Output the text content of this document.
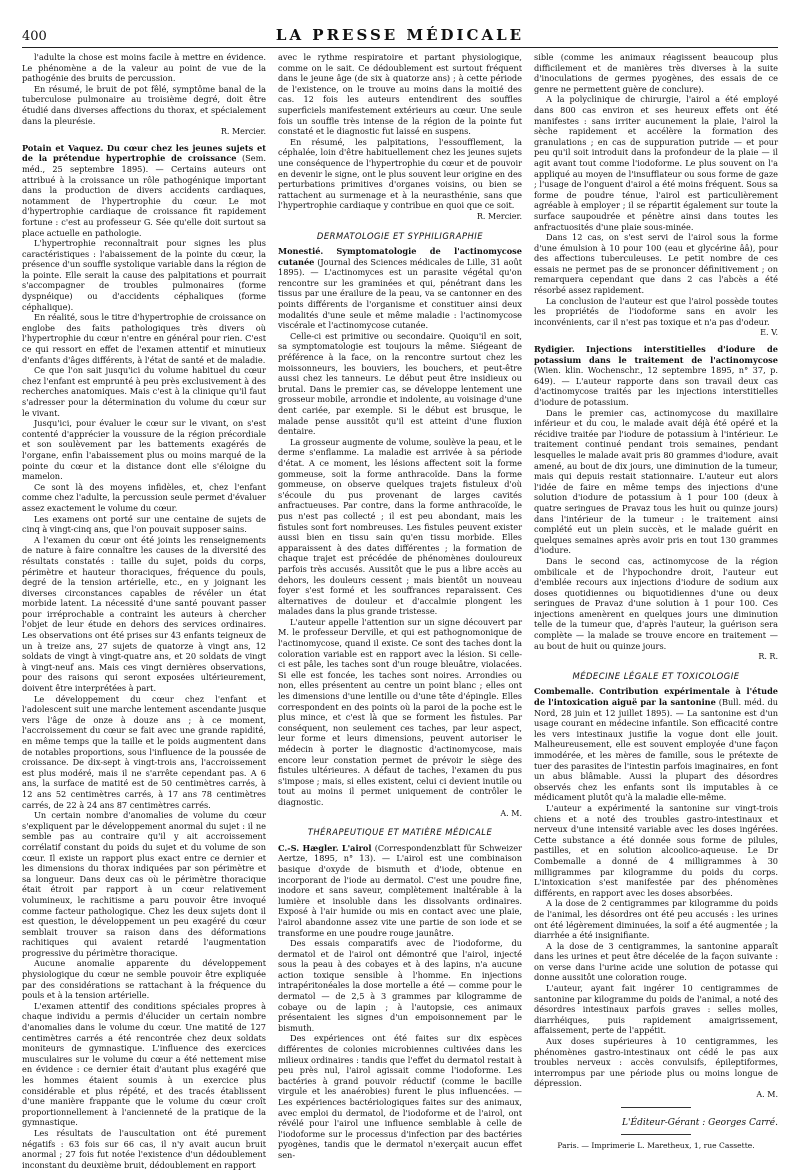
400	LA PRESSE MÉDICALE

l'adulte la chose est moins facile à mettre en évidence. Le phénomène a de la valeur au point de vue de la pathogénie des bruits de percussion.

En résumé, le bruit de pot fêlé, symptôme banal de la tuberculose pulmonaire au troisième degré, doit être étudié dans diverses affections du thorax, et spécialement dans la pleurésie.

R. Mercier.

Potain et Vaquez. Du cœur chez les jeunes sujets et de la prétendue hypertrophie de croissance (Sem. méd., 25 septembre 1895). — Certains auteurs ont attribué à la croissance un rôle pathogénique important dans la production de divers accidents cardiaques, notamment de l'hypertrophie du cœur. Le mot d'hypertrophie cardiaque de croissance fit rapidement fortune : c'est au professeur G. Sée qu'elle doit surtout sa place actuelle en pathologie.

L'hypertrophie reconnaîtrait pour signes les plus caractéristiques : l'abaissement de la pointe du cœur, la présence d'un souffle systolique variable dans la région de la pointe. Elle serait la cause des palpitations et pourrait s'accompagner de troubles pulmonaires (forme dyspnéique) ou d'accidents céphaliques (forme céphalique).

En réalité, sous le titre d'hypertrophie de croissance on englobe des faits pathologiques très divers où l'hypertrophie du cœur n'entre en général pour rien. C'est ce qui ressort en effet de l'examen attentif et minutieux d'enfants d'âges différents, à l'état de santé et de maladie.

Ce que l'on sait jusqu'ici du volume habituel du cœur chez l'enfant est emprunté à peu près exclusivement à des recherches anatomiques. Mais c'est à la clinique qu'il faut s'adresser pour la détermination du volume du cœur sur le vivant.

Jusqu'ici, pour évaluer le cœur sur le vivant, on s'est contenté d'apprécier la voussure de la région précordiale et son soulèvement par les battements exagérés de l'organe, enfin l'abaissement plus ou moins marqué de la pointe du cœur et la distance dont elle s'éloigne du mamelon.

Ce sont là des moyens infidèles, et, chez l'enfant comme chez l'adulte, la percussion seule permet d'évaluer assez exactement le volume du cœur.

Les examens ont porté sur une centaine de sujets de cinq à vingt-cinq ans, que l'on pouvait supposer sains.

A l'examen du cœur ont été joints les renseignements de nature à faire connaître les causes de la diversité des résultats constatés : taille du sujet, poids du corps, périmètre et hauteur thoraciques, fréquence du pouls, degré de la tension artérielle, etc., en y joignant les diverses circonstances capables de révéler un état morbide latent. La nécessité d'une santé pouvant passer pour irréprochable a contraint les auteurs à chercher l'objet de leur étude en dehors des services ordinaires. Les observations ont été prises sur 43 enfants teigneux de un à treize ans, 27 sujets de quatorze à vingt ans, 12 soldats de vingt à vingt-quatre ans, et 20 soldats de vingt à vingt-neuf ans. Mais ces vingt dernières observations, pour des raisons qui seront exposées ultérieurement, doivent être interprétées à part.

Le développement du cœur chez l'enfant et l'adolescent suit une marche lentement ascendante jusque vers l'âge de onze à douze ans ; à ce moment, l'accroissement du cœur se fait avec une grande rapidité, en même temps que la taille et le poids augmentent dans de notables proportions, sous l'influence de la poussée de croissance. De dix-sept à vingt-trois ans, l'accroissement est plus modéré, mais il ne s'arrête cependant pas. A 6 ans, la surface de matité est de 50 centimètres carrés, à 12 ans 52 centimètres carrés, à 17 ans 78 centimètres carrés, de 22 à 24 ans 87 centimètres carrés.

Un certain nombre d'anomalies de volume du cœur s'expliquent par le développement anormal du sujet : il ne semble pas au contraire qu'il y ait accroissement corrélatif constant du poids du sujet et du volume de son cœur. Il existe un rapport plus exact entre ce dernier et les dimensions du thorax indiquées par son périmètre et sa longueur. Dans deux cas où le périmètre thoracique était étroit par rapport à un cœur relativement volumineux, le rachitisme a paru pouvoir être invoqué comme facteur pathologique. Chez les deux sujets dont il est question, le développement un peu exagéré du cœur semblait trouver sa raison dans des déformations rachitiques qui avaient retardé l'augmentation progressive du périmètre thoracique.

Aucune anomalie apparente du développement physiologique du cœur ne semble pouvoir être expliquée par des considérations se rattachant à la fréquence du pouls et à la tension artérielle.

L'examen attentif des conditions spéciales propres à chaque individu a permis d'élucider un certain nombre d'anomalies dans le volume du cœur. Une matité de 127 centimètres carrés a été rencontrée chez deux soldats moniteurs de gymnastique. L'influence des exercices musculaires sur le volume du cœur a été nettement mise en évidence : ce dernier était d'autant plus exagéré que les hommes étaient soumis à un exercice plus considérable et plus répété, et des tracés établissent d'une manière frappante que le volume du cœur croît proportionnellement à l'ancienneté de la pratique de la gymnastique.

Les résultats de l'auscultation ont été purement négatifs : 63 fois sur 66 cas, il n'y avait aucun bruit anormal ; 27 fois fut notée l'existence d'un dédoublement inconstant du deuxième bruit, dédoublement en rapport

avec le rythme respiratoire et partant physiologique, comme on le sait. Ce dédoublement est surtout fréquent dans le jeune âge (de six à quatorze ans) ; à cette période de l'existence, on le trouve au moins dans la moitié des cas. 12 fois les auteurs entendirent des souffles superficiels manifestement extérieurs au cœur. Une seule fois un souffle très intense de la région de la pointe fut constaté et le diagnostic fut laissé en suspens.

En résumé, les palpitations, l'essoufflement, la céphalée, loin d'être habituellement chez les jeunes sujets une conséquence de l'hypertrophie du cœur et de pouvoir en devenir le signe, ont le plus souvent leur origine en des perturbations primitives d'organes voisins, ou bien se rattachent au surmenage et à la neurasthénie, sans que l'hypertrophie cardiaque y contribue en quoi que ce soit.

R. Mercier.
DERMATOLOGIE ET SYPHILIGRAPHIE

Monestié. Symptomatologie de l'actinomycose cutanée (Journal des Sciences médicales de Lille, 31 août 1895). — L'actinomyces est un parasite végétal qu'on rencontre sur les graminées et qui, pénétrant dans les tissus par une érailure de la peau, va se cantonner en des points différents de l'organisme et constituer ainsi deux modalités d'une seule et même maladie : l'actinomycose viscérale et l'actinomycose cutanée.

Celle-ci est primitive ou secondaire. Quoiqu'il en soit, sa symptomatologie est toujours la même. Siégeant de préférence à la face, on la rencontre surtout chez les moissonneurs, les bouviers, les bouchers, et peut-être aussi chez les tanneurs. Le début peut être insidieux ou brutal. Dans le premier cas, se développe lentement une grosseur mobile, arrondie et indolente, au voisinage d'une dent cariée, par exemple. Si le début est brusque, le malade pense aussitôt qu'il est atteint d'une fluxion dentaire.

La grosseur augmente de volume, soulève la peau, et le derme s'enflamme. La maladie est arrivée à sa période d'état. A ce moment, les lésions affectent soit la forme gommeuse, soit la forme anthracoïde. Dans la forme gommeuse, on observe quelques trajets fistuleux d'où s'écoule du pus provenant de larges cavités anfractueuses. Par contre, dans la forme anthracoïde, le pus n'est pas collecté ; il est peu abondant, mais les fistules sont fort nombreuses. Les fistules peuvent exister aussi bien en tissu sain qu'en tissu morbide. Elles apparaissent à des dates différentes ; la formation de chaque trajet est précédée de phénomènes douloureux parfois très accusés. Aussitôt que le pus a libre accès au dehors, les douleurs cessent ; mais bientôt un nouveau foyer s'est formé et les souffrances reparaissent. Ces alternatives de douleur et d'accalmie plongent les malades dans la plus grande tristesse.

L'auteur appelle l'attention sur un signe découvert par M. le professeur Derville, et qui est pathognomonique de l'actinomycose, quand il existe. Ce sont des taches dont la coloration variable est en rapport avec la lésion. Si celle-ci est pâle, les taches sont d'un rouge bleuâtre, violacées. Si elle est foncée, les taches sont noires. Arrondies ou non, elles présentent au centre un point blanc ; elles ont les dimensions d'une lentille ou d'une tête d'épingle. Elles correspondent en des points où la paroi de la poche est le plus mince, et c'est là que se forment les fistules. Par conséquent, non seulement ces taches, par leur aspect, leur forme et leurs dimensions, peuvent autoriser le médecin à porter le diagnostic d'actinomycose, mais encore leur constation permet de prévoir le siège des fistules ultérieures. A défaut de taches, l'examen du pus s'impose ; mais, si elles existent, celui ci devient inutile ou tout au moins il permet uniquement de contrôler le diagnostic.

A. M.
THÉRAPEUTIQUE ET MATIÈRE MÉDICALE

C.-S. Hægler. L'airol (Correspondenzblatt für Schweizer Aertze, 1895, n° 13). — L'airol est une combinaison basique d'oxyde de bismuth et d'iode, obtenue en incorporant de l'iode au dermatol. C'est une poudre fine, inodore et sans saveur, complètement inaltérable à la lumière et insoluble dans les dissolvants ordinaires. Exposé à l'air humide ou mis en contact avec une plaie, l'airol abandonne assez vite une partie de son iode et se transforme en une poudre rouge jaunâtre.

Des essais comparatifs avec de l'iodoforme, du dermatol et de l'airol ont démontré que l'airol, injecté sous la peau à des cobayes et à des lapins, n'a aucune action toxique sensible à l'homme. En injections intrapéritonéales la dose mortelle a été — comme pour le dermatol — de 2,5 à 3 grammes par kilogramme de cobaye ou de lapin ; à l'autopsie, ces animaux présentaient les signes d'un empoisonnement par le bismuth.

Des expériences ont été faites sur dix espèces différentes de colonies microbiennes cultivées dans les milieux ordinaires : tandis que l'effet du dermatol restait à peu près nul, l'airol agissait comme l'iodoforme. Les bactéries à grand pouvoir réductif (comme le bacille virgule et les anaérobies) furent le plus influencées. — Les expériences bactériologiques faites sur des animaux, avec emploi du dermatol, de l'iodoforme et de l'airol, ont révélé pour l'airol une influence semblable à celle de l'iodoforme sur le processus d'infection par des bactéries pyogènes, tandis que le dermatol n'exerçait aucun effet sen-

sible (comme les animaux réagissent beaucoup plus difficilement et de manières très diverses à la suite d'inoculations de germes pyogènes, des essais de ce genre ne permettent guère de conclure).

A la polyclinique de chirurgie, l'airol a été employé dans 800 cas environ et ses heureux effets ont été manifestes : sans irriter aucunement la plaie, l'airol la sèche rapidement et accélère la formation des granulations ; en cas de suppuration putride — et pour peu qu'il soit introduit dans la profondeur de la plaie — il agit avant tout comme l'iodoforme. Le plus souvent on l'a appliqué au moyen de l'insufflateur ou sous forme de gaze ; l'usage de l'onguent d'airol a été moins fréquent. Sous sa forme de poudre ténue, l'airol est particulièrement agréable à employer ; il se répartit également sur toute la surface saupoudrée et pénètre ainsi dans toutes les anfractuosités d'une plaie sous-minée.

Dans 12 cas, on s'est servi de l'airol sous la forme d'une émulsion à 10 pour 100 (eau et glycérine ââ), pour des affections tuberculeuses. Le petit nombre de ces essais ne permet pas de se prononcer définitivement ; on remarquera cependant que dans 2 cas l'abcès a été résorbé assez rapidement.

La conclusion de l'auteur est que l'airol possède toutes les propriétés de l'iodoforme sans en avoir les inconvénients, car il n'est pas toxique et n'a pas d'odeur.

E. V.

Rydigier. Injections interstitielles d'iodure de potassium dans le traitement de l'actinomycose (Wien. klin. Wochenschr., 12 septembre 1895, n° 37, p. 649). — L'auteur rapporte dans son travail deux cas d'actinomycose traités par les injections interstitielles d'iodure de potassium.

Dans le premier cas, actinomycose du maxillaire inférieur et du cou, le malade avait déjà été opéré et la récidive traitée par l'iodure de potassium à l'intérieur. Le traitement continué pendant trois semaines, pendant lesquelles le malade avait pris 80 grammes d'iodure, avait amené, au bout de dix jours, une diminution de la tumeur, mais qui depuis restait stationnaire. L'auteur eut alors l'idée de faire en même temps des injections d'une solution d'iodure de potassium à 1 pour 100 (deux à quatre seringues de Pravaz tous les huit ou quinze jours) dans l'intérieur de la tumeur : le traitement ainsi complété eut un plein succès, et le malade guérit en quelques semaines après avoir pris en tout 130 grammes d'iodure.

Dans le second cas, actinomycose de la région ombilicale et de l'hypochondre droit, l'auteur eut d'emblée recours aux injections d'iodure de sodium aux doses quotidiennes ou biquotidiennes d'une ou deux seringues de Pravaz d'une solution à 1 pour 100. Ces injections amenèrent en quelques jours une diminution telle de la tumeur que, d'après l'auteur, la guérison sera complète — la malade se trouve encore en traitement — au bout de huit ou quinze jours.

R. R.
MÉDECINE LÉGALE ET TOXICOLOGIE

Combemalle. Contribution expérimentale à l'étude de l'intoxication aiguë par la santonine (Bull. méd. du Nord, 28 juin et 12 juillet 1895). — La santonine est d'un usage courant en médecine infantile. Son efficacité contre les vers intestinaux justifie la vogue dont elle jouit. Malheureusement, elle est souvent employée d'une façon immodérée, et les mères de famille, sous le prétexte de tuer des parasites de l'intestin parfois imaginaires, en font un abus blâmable. Aussi la plupart des désordres observés chez les enfants sont ils imputables à ce médicament plutôt qu'à la maladie elle-même.

L'auteur a expérimenté la santonine sur vingt-trois chiens et a noté des troubles gastro-intestinaux et nerveux d'une intensité variable avec les doses ingérées. Cette substance a été donnée sous forme de pilules, pastilles, et en solution alcoolico-aqueuse. Le Dr Combemalle a donné de 4 milligrammes à 30 milligrammes par kilogramme du poids du corps. L'intoxication s'est manifestée par des phénomènes différents, en rapport avec les doses absorbées.

A la dose de 2 centigrammes par kilogramme du poids de l'animal, les désordres ont été peu accusés : les urines ont été légèrement diminuées, la soif a été augmentée ; la diarrhée a été insignifiante.

A la dose de 3 centigrammes, la santonine apparaît dans les urines et peut être décelée de la façon suivante : on verse dans l'urine acide une solution de potasse qui donne aussitôt une coloration rouge.

L'auteur, ayant fait ingérer 10 centigrammes de santonine par kilogramme du poids de l'animal, a noté des désordres intestinaux parfois graves : selles molles, diarrhéiques, puis rapidement amaigrissement, affaissement, perte de l'appétit.

Aux doses supérieures à 10 centigrammes, les phénomènes gastro-intestinaux ont cédé le pas aux troubles nerveux : accès convulsifs, épileptiformes, interrompus par une période plus ou moins longue de dépression.

A. M.
L'Éditeur-Gérant : Georges Carré.
Paris. — Imprimerie L. Maretheux, 1, rue Cassette.
